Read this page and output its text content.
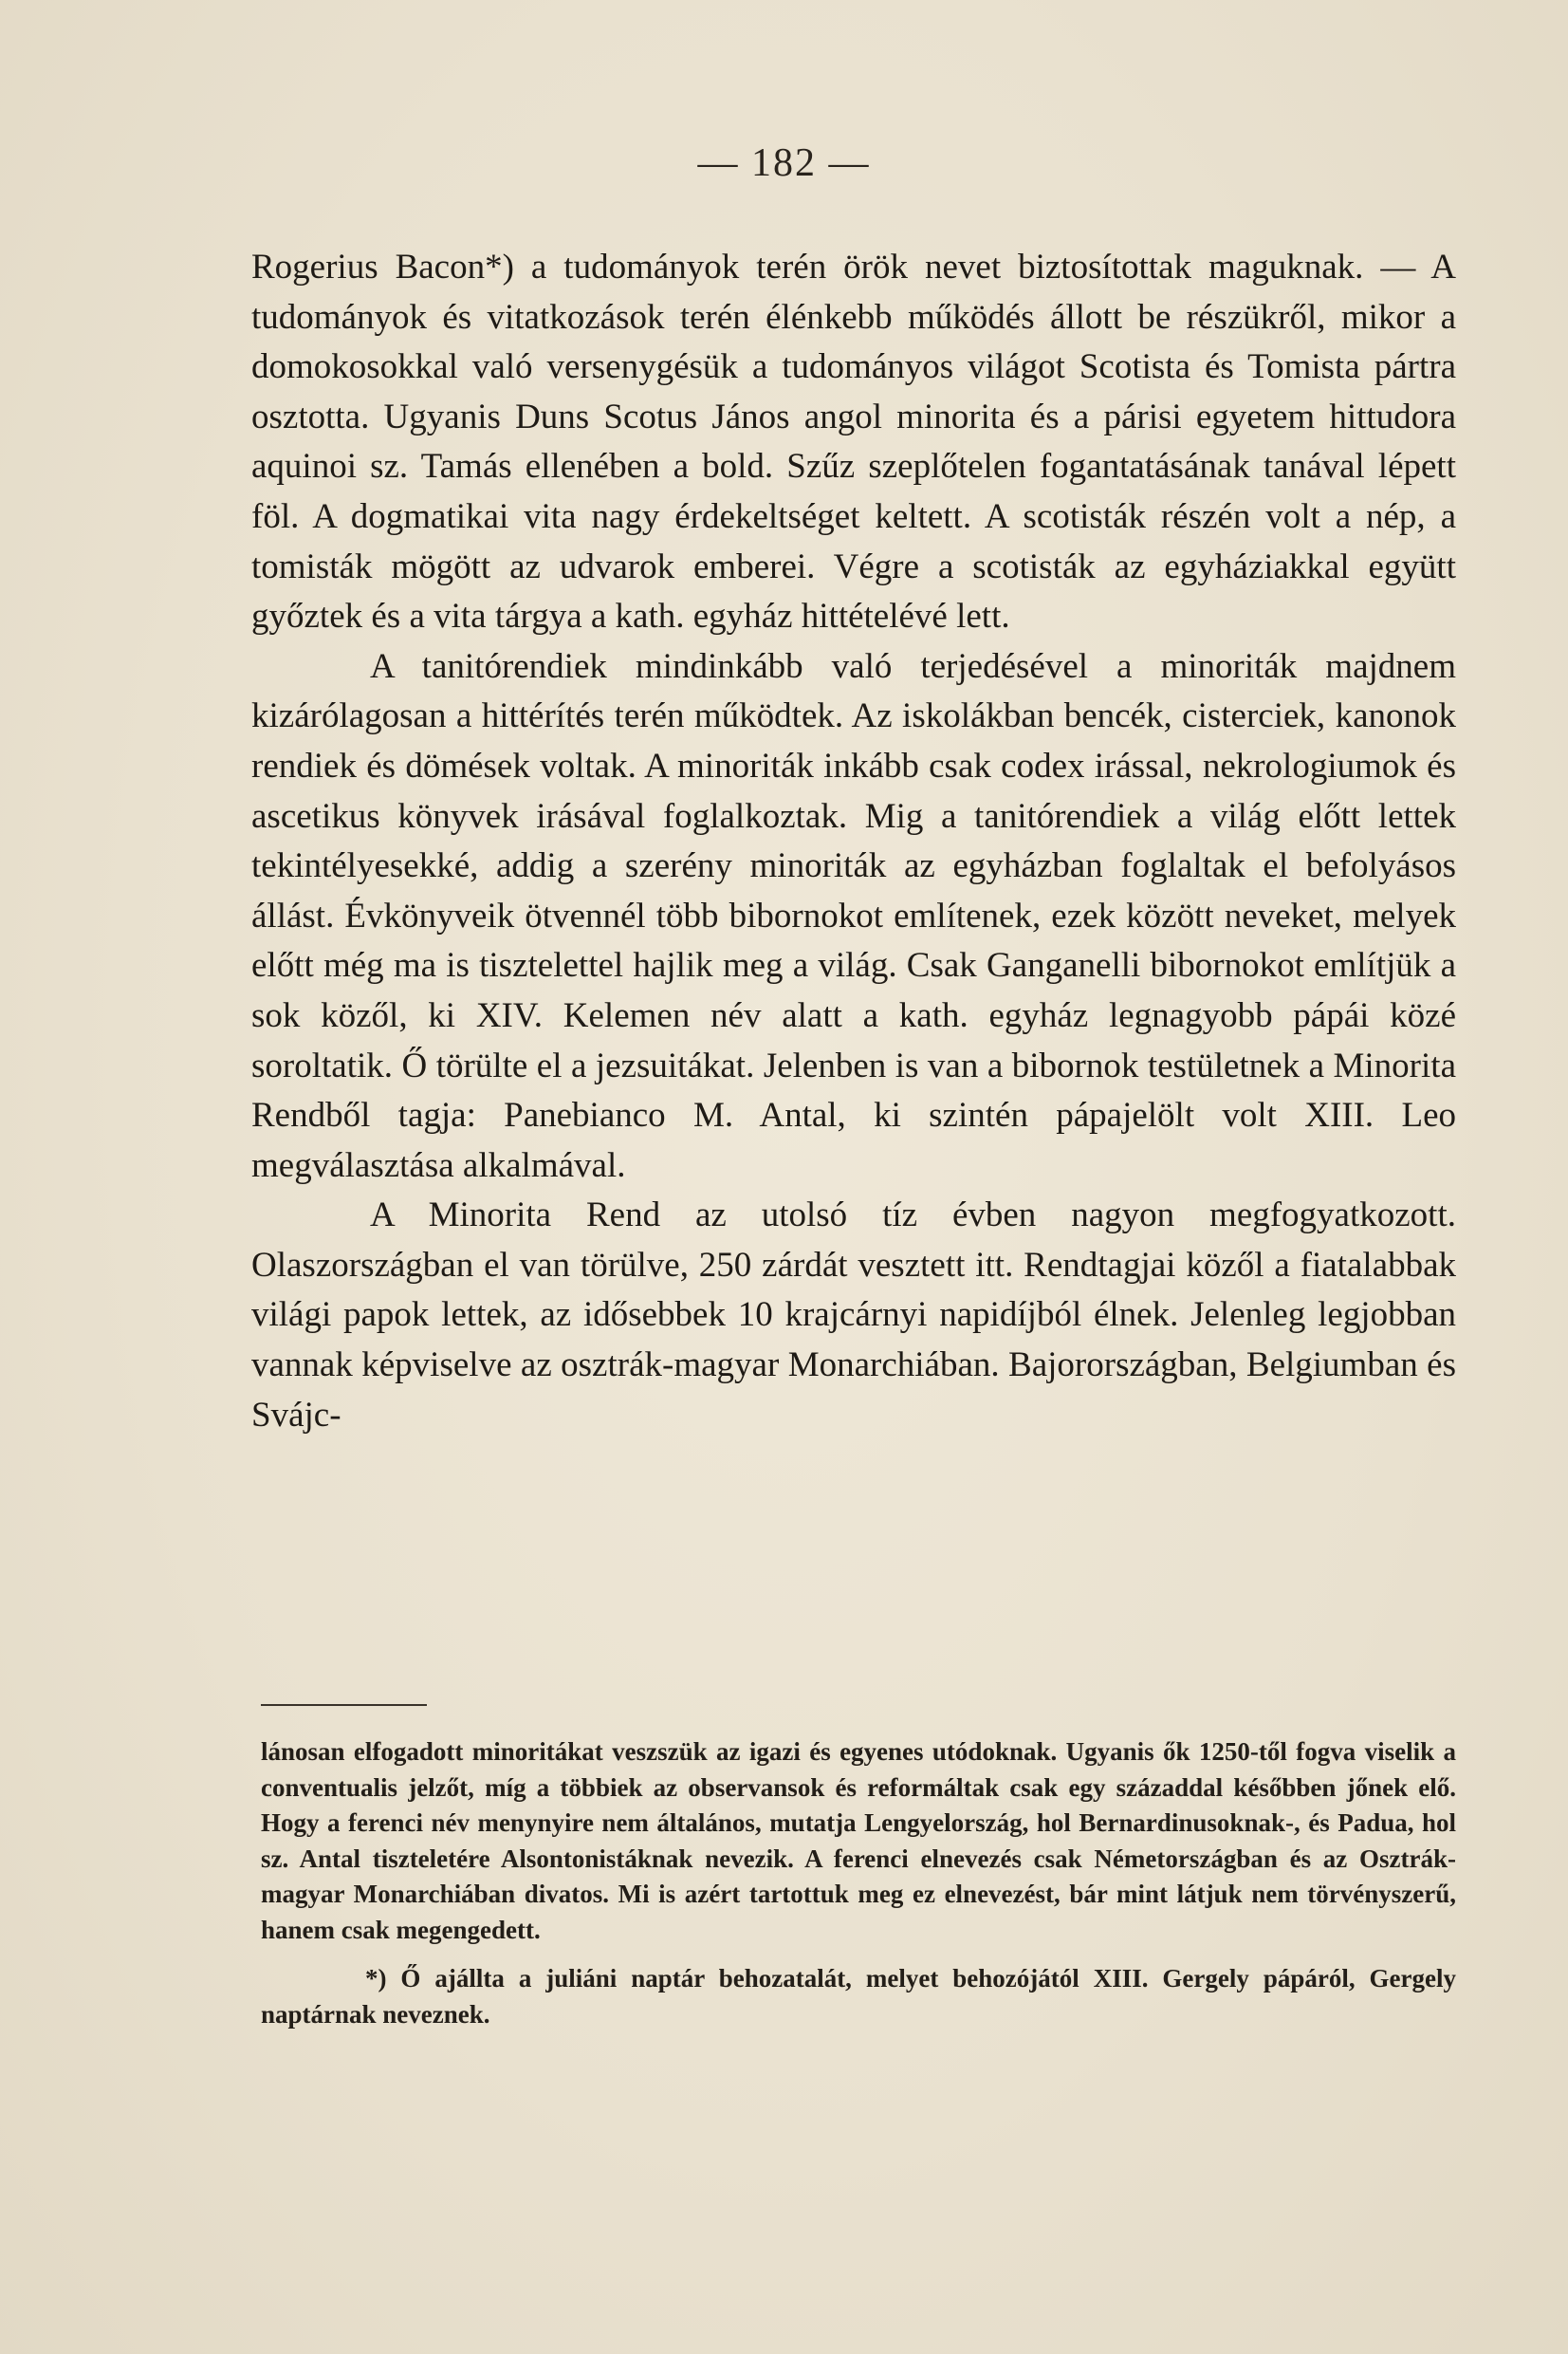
— 182 —

Rogerius Bacon*) a tudományok terén örök nevet biztosítottak maguknak. — A tudományok és vitatkozások terén élénkebb működés állott be részükről, mikor a domokosokkal való versenygésük a tudományos világot Scotista és Tomista pártra osztotta. Ugyanis Duns Scotus János angol minorita és a párisi egyetem hittudora aquinoi sz. Tamás ellenében a bold. Szűz szeplőtelen fogantatásának tanával lépett föl. A dogmatikai vita nagy érdekeltséget keltett. A scotisták részén volt a nép, a tomisták mögött az udvarok emberei. Végre a scotisták az egyháziakkal együtt győztek és a vita tárgya a kath. egyház hittételévé lett.

A tanitórendiek mindinkább való terjedésével a minoriták majdnem kizárólagosan a hittérítés terén működtek. Az iskolákban bencék, cisterciek, kanonok rendiek és dömések voltak. A minoriták inkább csak codex irással, nekrologiumok és ascetikus könyvek irásával foglalkoztak. Mig a tanitórendiek a világ előtt lettek tekintélyesekké, addig a szerény minoriták az egyházban foglaltak el befolyásos állást. Évkönyveik ötvennél több bibornokot említenek, ezek között neveket, melyek előtt még ma is tisztelettel hajlik meg a világ. Csak Ganganelli bibornokot említjük a sok közől, ki XIV. Kelemen név alatt a kath. egyház legnagyobb pápái közé soroltatik. Ő törülte el a jezsuitákat. Jelenben is van a bibornok testületnek a Minorita Rendből tagja: Panebianco M. Antal, ki szintén pápajelölt volt XIII. Leo megválasztása alkalmával.

A Minorita Rend az utolsó tíz évben nagyon megfogyatkozott. Olaszországban el van törülve, 250 zárdát vesztett itt. Rendtagjai közől a fiatalabbak világi papok lettek, az idősebbek 10 krajcárnyi napidíjból élnek. Jelenleg legjobban vannak képviselve az osztrák-magyar Monarchiában. Bajorországban, Belgiumban és Svájc-

lánosan elfogadott minoritákat veszszük az igazi és egyenes utódoknak. Ugyanis ők 1250-től fogva viselik a conventualis jelzőt, míg a többiek az observansok és reformáltak csak egy századdal későbben jőnek elő. Hogy a ferenci név menynyire nem általános, mutatja Lengyelország, hol Bernardinusoknak-, és Padua, hol sz. Antal tiszteletére Alsontonistáknak nevezik. A ferenci elnevezés csak Németországban és az Osztrák-magyar Monarchiában divatos. Mi is azért tartottuk meg ez elnevezést, bár mint látjuk nem törvényszerű, hanem csak megengedett.

*) Ő ajállta a juliáni naptár behozatalát, melyet behozójától XIII. Gergely pápáról, Gergely naptárnak neveznek.
